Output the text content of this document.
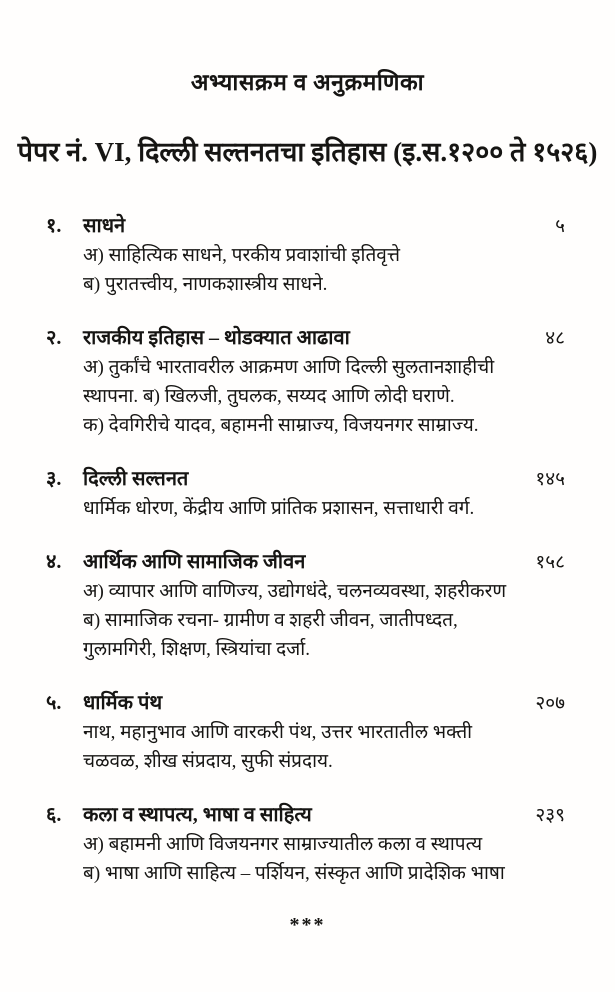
अभ्यासक्रम व अनुक्रमणिका
पेपर नं. VI, दिल्ली सल्तनतचा इतिहास (इ.स.१२०० ते १५२६)
१.	साधने	५
अ) साहित्यिक साधने, परकीय प्रवाशांची इतिवृत्ते
ब) पुरातत्त्वीय, नाणकशास्त्रीय साधने.
२.	राजकीय इतिहास – थोडक्यात आढावा	४८
अ) तुर्कांचे भारतावरील आक्रमण आणि दिल्ली सुलतानशाहीची
स्थापना. ब) खिलजी, तुघलक, सय्यद आणि लोदी घराणे.
क) देवगिरीचे यादव, बहामनी साम्राज्य, विजयनगर साम्राज्य.
३.	दिल्ली सल्तनत	१४५
धार्मिक धोरण, केंद्रीय आणि प्रांतिक प्रशासन, सत्ताधारी वर्ग.
४.	आर्थिक आणि सामाजिक जीवन	१५८
अ) व्यापार आणि वाणिज्य, उद्योगधंदे, चलनव्यवस्था, शहरीकरण
ब) सामाजिक रचना- ग्रामीण व शहरी जीवन, जातीपध्दत,
गुलामगिरी, शिक्षण, स्त्रियांचा दर्जा.
५.	धार्मिक पंथ	२०७
नाथ, महानुभाव आणि वारकरी पंथ, उत्तर भारतातील भक्ती
चळवळ, शीख संप्रदाय, सुफी संप्रदाय.
६.	कला व स्थापत्य, भाषा व साहित्य	२३९
अ) बहामनी आणि विजयनगर साम्राज्यातील कला व स्थापत्य
ब) भाषा आणि साहित्य – पर्शियन, संस्कृत आणि प्रादेशिक भाषा
***
